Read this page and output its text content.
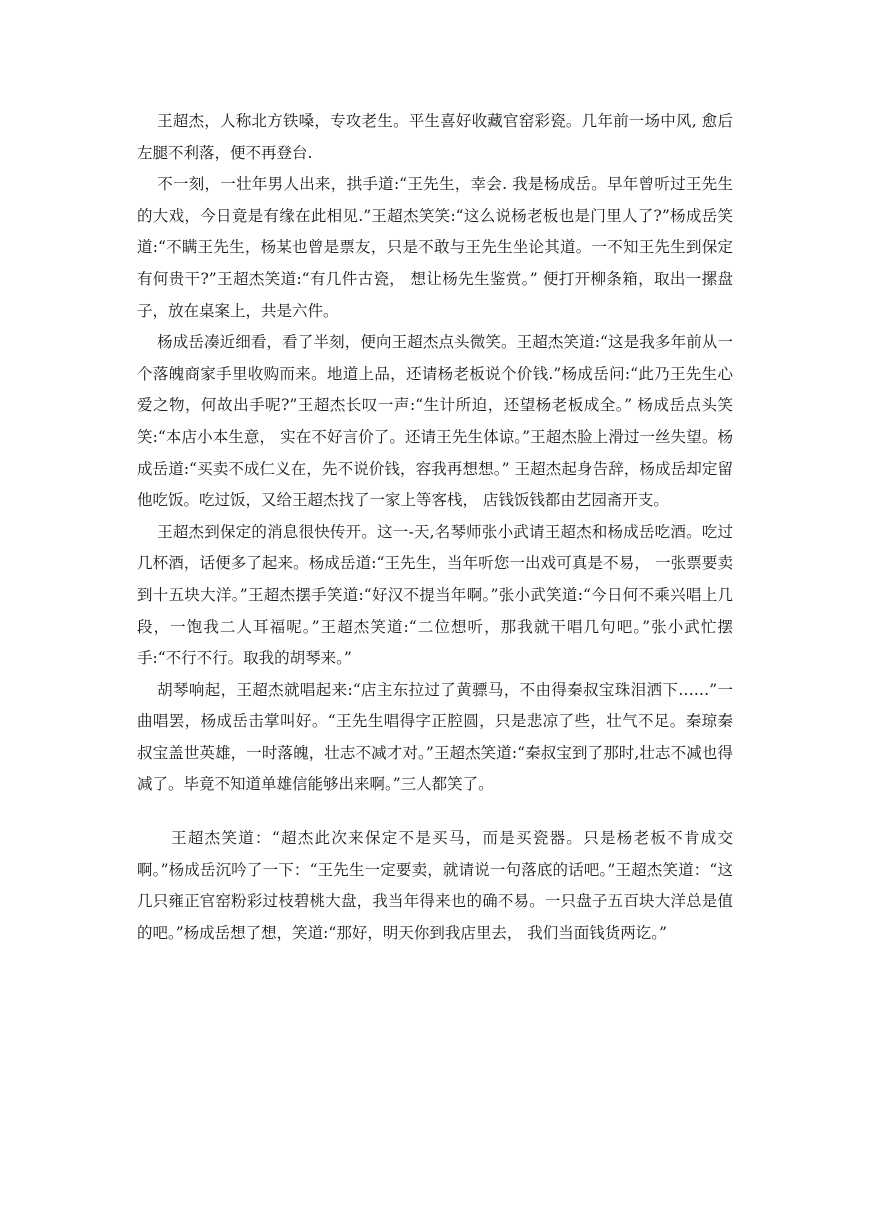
王超杰，人称北方铁嗓，专攻老生。平生喜好收藏官窑彩瓷。几年前一场中风, 愈后左腿不利落，便不再登台.

不一刻，一壮年男人出来，拱手道:“王先生，幸会. 我是杨成岳。早年曾听过王先生的大戏，今日竟是有缘在此相见.”王超杰笑笑:“这么说杨老板也是门里人了?”杨成岳笑道:“不瞒王先生，杨某也曾是票友，只是不敢与王先生坐论其道。一不知王先生到保定有何贵干?”王超杰笑道:“有几件古瓷， 想让杨先生鉴赏。” 便打开柳条箱，取出一摞盘子，放在桌案上，共是六件。

杨成岳凑近细看，看了半刻，便向王超杰点头微笑。王超杰笑道:“这是我多年前从一个落魄商家手里收购而来。地道上品，还请杨老板说个价钱.”杨成岳问:“此乃王先生心爱之物，何故出手呢?”王超杰长叹一声:“生计所迫，还望杨老板成全。” 杨成岳点头笑笑:“本店小本生意， 实在不好言价了。还请王先生体谅。”王超杰脸上滑过一丝失望。杨成岳道:“买卖不成仁义在，先不说价钱，容我再想想。” 王超杰起身告辞，杨成岳却定留他吃饭。吃过饭，又给王超杰找了一家上等客栈， 店钱饭钱都由艺园斋开支。

王超杰到保定的消息很快传开。这一-天,名琴师张小武请王超杰和杨成岳吃酒。吃过几杯酒，话便多了起来。杨成岳道:“王先生，当年听您一出戏可真是不易， 一张票要卖到十五块大洋。”王超杰摆手笑道:“好汉不提当年啊。”张小武笑道:“今日何不乘兴唱上几段，一饱我二人耳福呢。”王超杰笑道:“二位想听，那我就干唱几句吧。”张小武忙摆手:“不行不行。取我的胡琴来。”

胡琴响起，王超杰就唱起来:“店主东拉过了黄骠马，不由得秦叔宝珠泪洒下……”一曲唱罢，杨成岳击掌叫好。“王先生唱得字正腔圆，只是悲凉了些，壮气不足。秦琼秦叔宝盖世英雄，一时落魄，壮志不减才对。”王超杰笑道:“秦叔宝到了那时,壮志不减也得减了。毕竟不知道单雄信能够出来啊。”三人都笑了。

王超杰笑道：“超杰此次来保定不是买马，而是买瓷器。只是杨老板不肯成交啊。”杨成岳沉吟了一下：“王先生一定要卖，就请说一句落底的话吧。”王超杰笑道：“这几只雍正官窑粉彩过枝碧桃大盘，我当年得来也的确不易。一只盘子五百块大洋总是值的吧。”杨成岳想了想，笑道:“那好，明天你到我店里去， 我们当面钱货两讫。”
